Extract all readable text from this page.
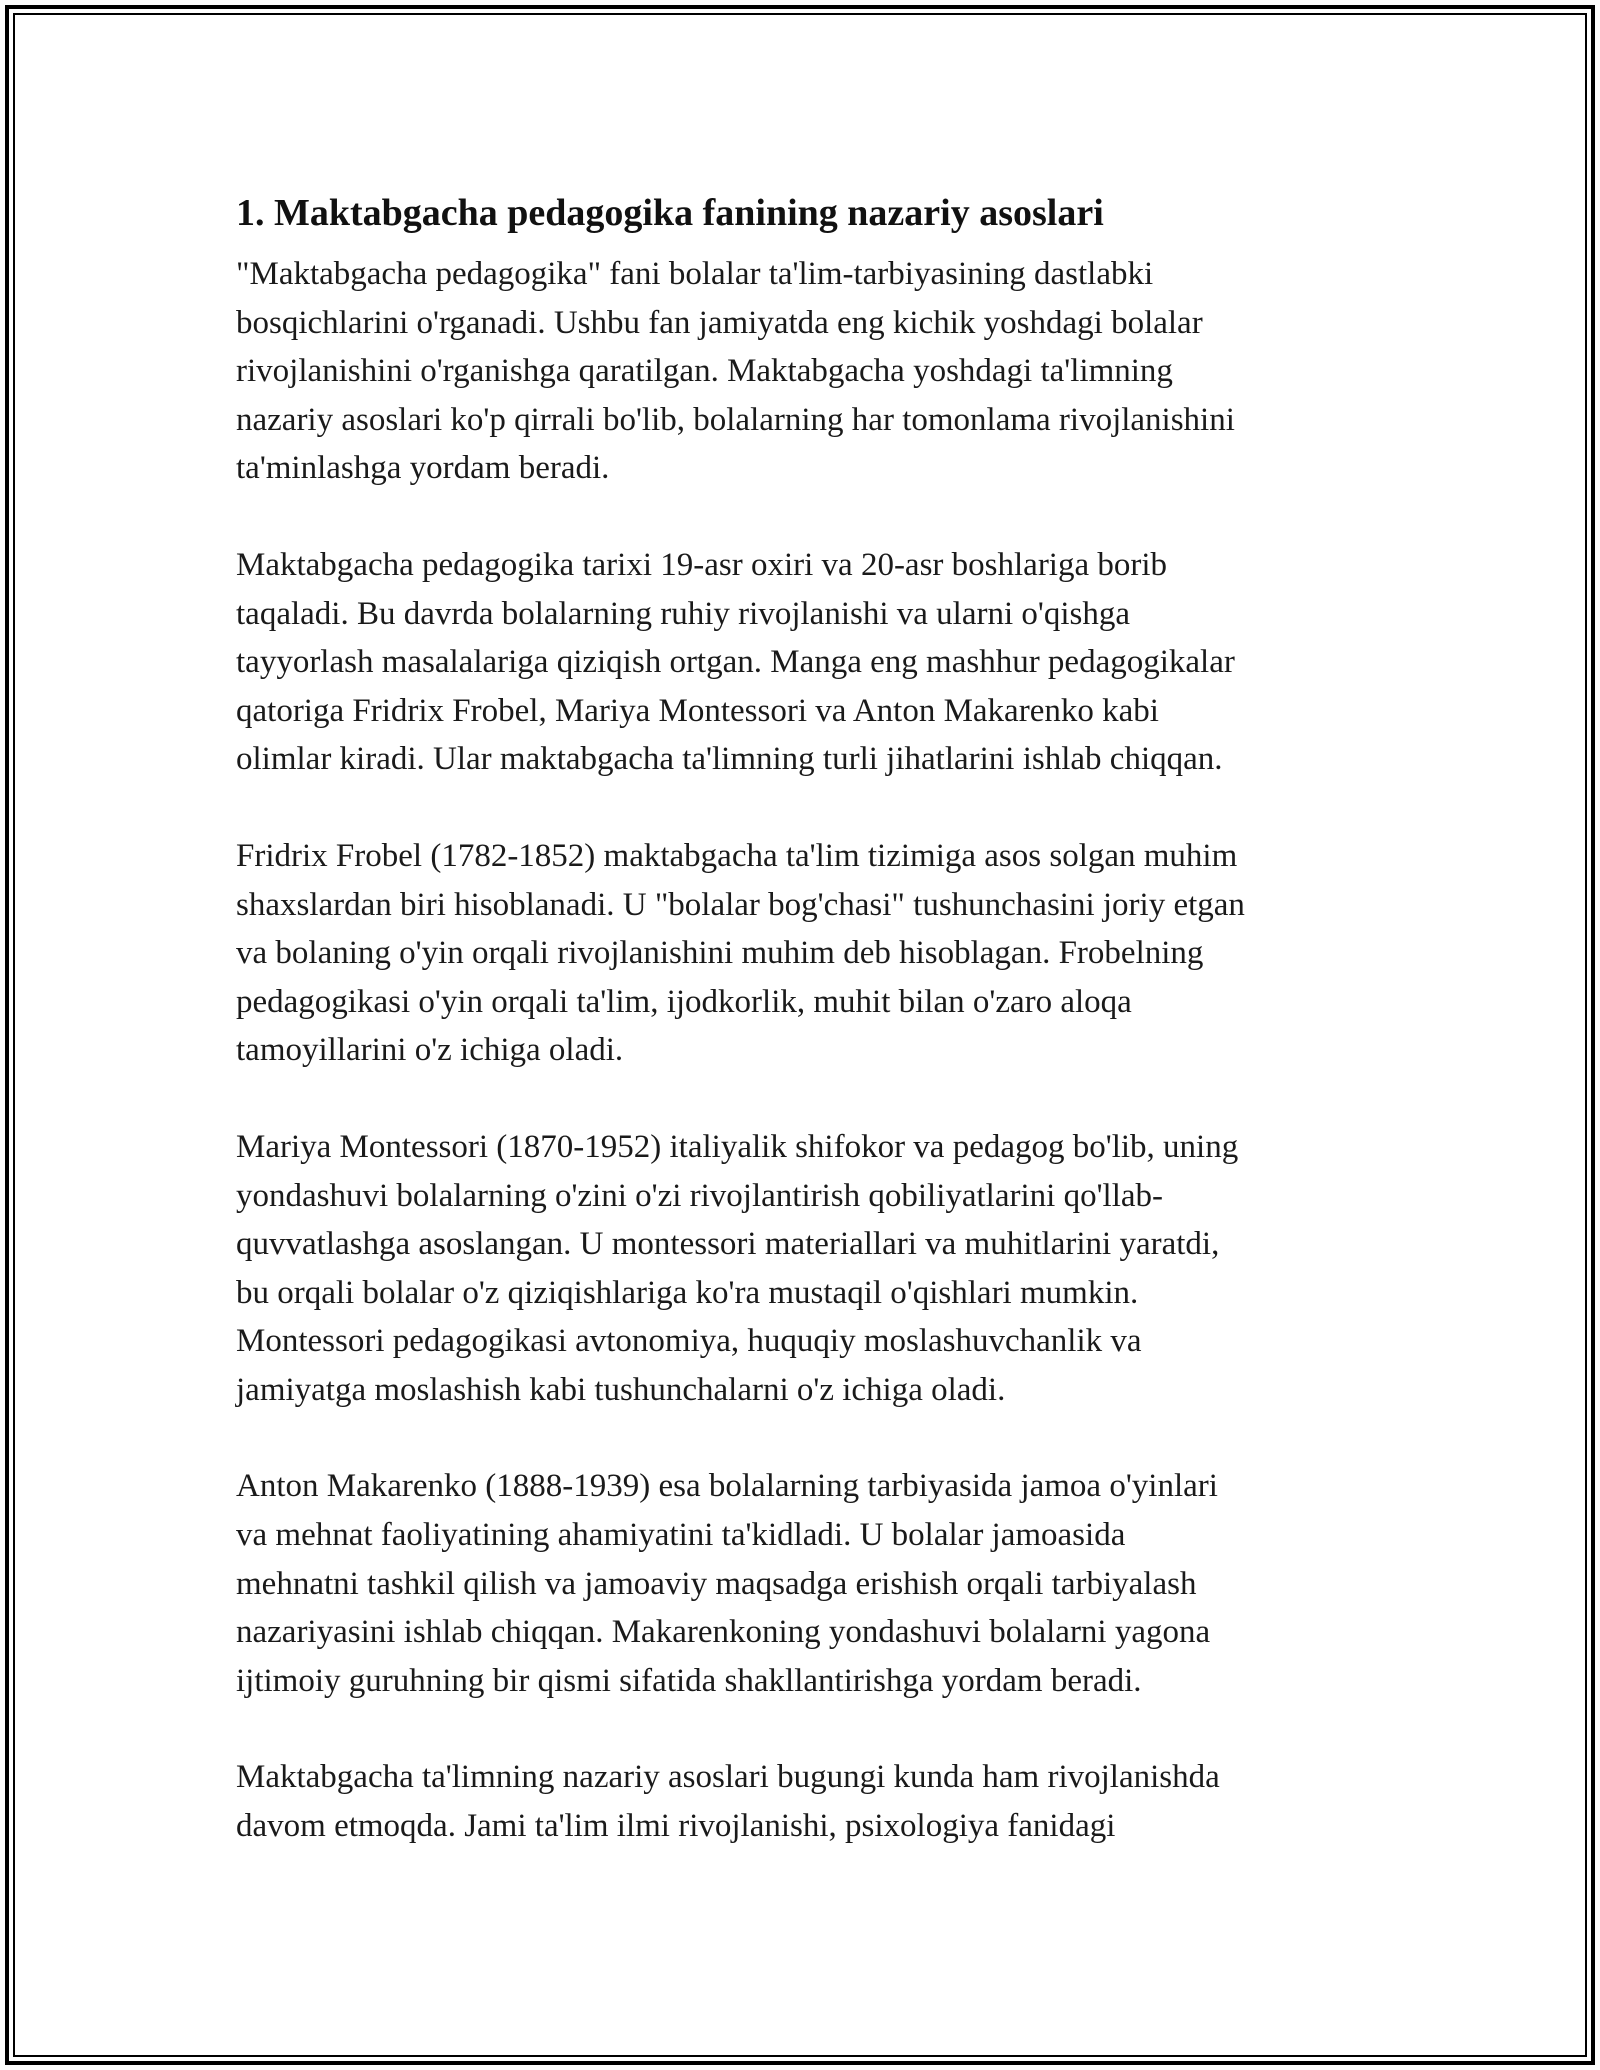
1. Maktabgacha pedagogika fanining nazariy asoslari

"Maktabgacha pedagogika" fani bolalar ta'lim-tarbiyasining dastlabki
bosqichlarini o'rganadi. Ushbu fan jamiyatda eng kichik yoshdagi bolalar
rivojlanishini o'rganishga qaratilgan. Maktabgacha yoshdagi ta'limning
nazariy asoslari ko'p qirrali bo'lib, bolalarning har tomonlama rivojlanishini
ta'minlashga yordam beradi.

Maktabgacha pedagogika tarixi 19-asr oxiri va 20-asr boshlariga borib
taqaladi. Bu davrda bolalarning ruhiy rivojlanishi va ularni o'qishga
tayyorlash masalalariga qiziqish ortgan. Manga eng mashhur pedagogikalar
qatoriga Fridrix Frobel, Mariya Montessori va Anton Makarenko kabi
olimlar kiradi. Ular maktabgacha ta'limning turli jihatlarini ishlab chiqqan.

Fridrix Frobel (1782-1852) maktabgacha ta'lim tizimiga asos solgan muhim
shaxslardan biri hisoblanadi. U "bolalar bog'chasi" tushunchasini joriy etgan
va bolaning o'yin orqali rivojlanishini muhim deb hisoblagan. Frobelning
pedagogikasi o'yin orqali ta'lim, ijodkorlik, muhit bilan o'zaro aloqa
tamoyillarini o'z ichiga oladi.

Mariya Montessori (1870-1952) italiyalik shifokor va pedagog bo'lib, uning
yondashuvi bolalarning o'zini o'zi rivojlantirish qobiliyatlarini qo'llab-
quvvatlashga asoslangan. U montessori materiallari va muhitlarini yaratdi,
bu orqali bolalar o'z qiziqishlariga ko'ra mustaqil o'qishlari mumkin.
Montessori pedagogikasi avtonomiya, huquqiy moslashuvchanlik va
jamiyatga moslashish kabi tushunchalarni o'z ichiga oladi.

Anton Makarenko (1888-1939) esa bolalarning tarbiyasida jamoa o'yinlari
va mehnat faoliyatining ahamiyatini ta'kidladi. U bolalar jamoasida
mehnatni tashkil qilish va jamoaviy maqsadga erishish orqali tarbiyalash
nazariyasini ishlab chiqqan. Makarenkoning yondashuvi bolalarni yagona
ijtimoiy guruhning bir qismi sifatida shakllantirishga yordam beradi.

Maktabgacha ta'limning nazariy asoslari bugungi kunda ham rivojlanishda
davom etmoqda. Jami ta'lim ilmi rivojlanishi, psixologiya fanidagi
